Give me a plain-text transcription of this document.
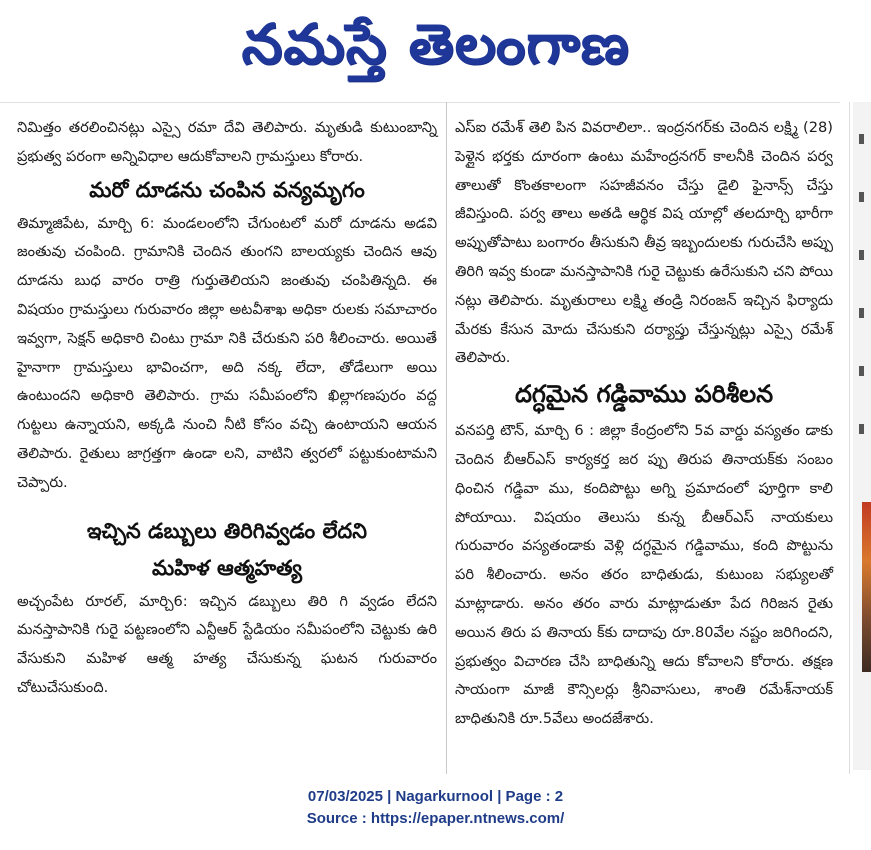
నమస్తే తెలంగాణ

నిమిత్తం తరలించినట్లు ఎస్సై రమా దేవి తెలిపారు. మృతుడి కుటుంబాన్ని ప్రభుత్వ పరంగా అన్నివిధాల ఆదుకోవాలని గ్రామస్తులు కోరారు.

మరో దూడను చంపిన వన్యమృగం

తిమ్మాజిపేట, మార్చి 6: మండలంలోని చేగుంటలో మరో దూడను అడవి జంతువు చంపింది. గ్రామానికి చెందిన తుంగని బాలయ్యకు చెందిన ఆవు దూడను బుధ వారం రాత్రి గుర్తుతెలియని జంతువు చంపితిన్నది. ఈ విషయం గ్రామస్తులు గురువారం జిల్లా అటవీశాఖ అధికా రులకు సమాచారం ఇవ్వగా, సెక్షన్ అధికారి చింటు గ్రామా నికి చేరుకుని పరి శీలించారు. అయితే హైనాగా గ్రామస్తులు భావించగా, అది నక్క లేదా, తోడేలుగా అయి ఉంటుందని అధికారి తెలిపారు. గ్రామ సమీపంలోని ఖిల్లాగణపురం వద్ద గుట్టలు ఉన్నాయని, అక్కడి నుంచి నీటి కోసం వచ్చి ఉంటాయని ఆయన తెలిపారు. రైతులు జాగ్రత్తగా ఉండా లని, వాటిని త్వరలో పట్టుకుంటామని చెప్పారు.

ఇచ్చిన డబ్బులు తిరిగివ్వడం లేదని
మహిళ ఆత్మహత్య

అచ్చంపేట రూరల్, మార్చి6: ఇచ్చిన డబ్బులు తిరి గి వ్వడం లేదని మనస్తాపానికి గురై పట్టణంలోని ఎన్టీఆర్ స్టేడియం సమీపంలోని చెట్టుకు ఉరి వేసుకుని మహిళ ఆత్మ హత్య చేసుకున్న ఘటన గురువారం చోటుచేసుకుంది.

ఎస్ఐ రమేశ్ తెలి పిన వివరాలిలా.. ఇంద్రనగర్‌కు చెందిన లక్ష్మి (28) పెళ్లైన భర్తకు దూరంగా ఉంటు మహేంద్రనగర్ కాలనీకి చెందిన పర్వ తాలుతో కొంతకాలంగా సహజీవనం చేస్తు డైలి ఫైనాన్స్ చేస్తు జీవిస్తుంది. పర్వ తాలు అతడి ఆర్థిక విష యాల్లో తలదూర్చి భారీగా అప్పుతోపాటు బంగారం తీసుకుని తీవ్ర ఇబ్బందులకు గురుచేసి అప్పు తిరిగి ఇవ్వ కుండా మనస్తాపానికి గురై చెట్టుకు ఉరేసుకుని చని పోయి నట్లు తెలిపారు. మృతురాలు లక్ష్మి తండ్రి నిరంజన్ ఇచ్చిన ఫిర్యాదు మేరకు కేసున మోదు చేసుకుని దర్యాప్తు చేస్తున్నట్లు ఎస్సై రమేశ్ తెలిపారు.

దగ్ధమైన గడ్డివాము పరిశీలన

వనపర్తి టౌన్, మార్చి 6 : జిల్లా కేంద్రంలోని 5వ వార్డు వస్యతం డాకు చెందిన బీఆర్ఎస్ కార్యకర్త జర ప్పు తిరుప తినాయక్‌కు సంబం ధించిన గడ్డివా ము, కందిపొట్టు అగ్ని ప్రమాదంలో పూర్తిగా కాలి పోయాయి. విషయం తెలుసు కున్న బీఆర్ఎస్ నాయకులు గురువారం వస్యతండాకు వెళ్లి దగ్ధమైన గడ్డివాము, కంది పొట్టును పరి శీలించారు. అనం తరం బాధితుడు, కుటుంబ సభ్యులతో మాట్లాడారు. అనం తరం వారు మాట్లాడుతూ పేద గిరిజన రైతు అయిన తిరు ప తినాయ క్‌కు దాదాపు రూ.80వేల నష్టం జరిగిందని, ప్రభుత్వం విచారణ చేసి బాధితున్ని ఆదు కోవాలని కోరారు. తక్షణ సాయంగా మాజీ కౌన్సిలర్లు శ్రీనివాసులు, శాంతి రమేశ్‌నాయక్ బాధితునికి రూ.5వేలు అందజేశారు.

07/03/2025 | Nagarkurnool | Page : 2
Source : https://epaper.ntnews.com/
